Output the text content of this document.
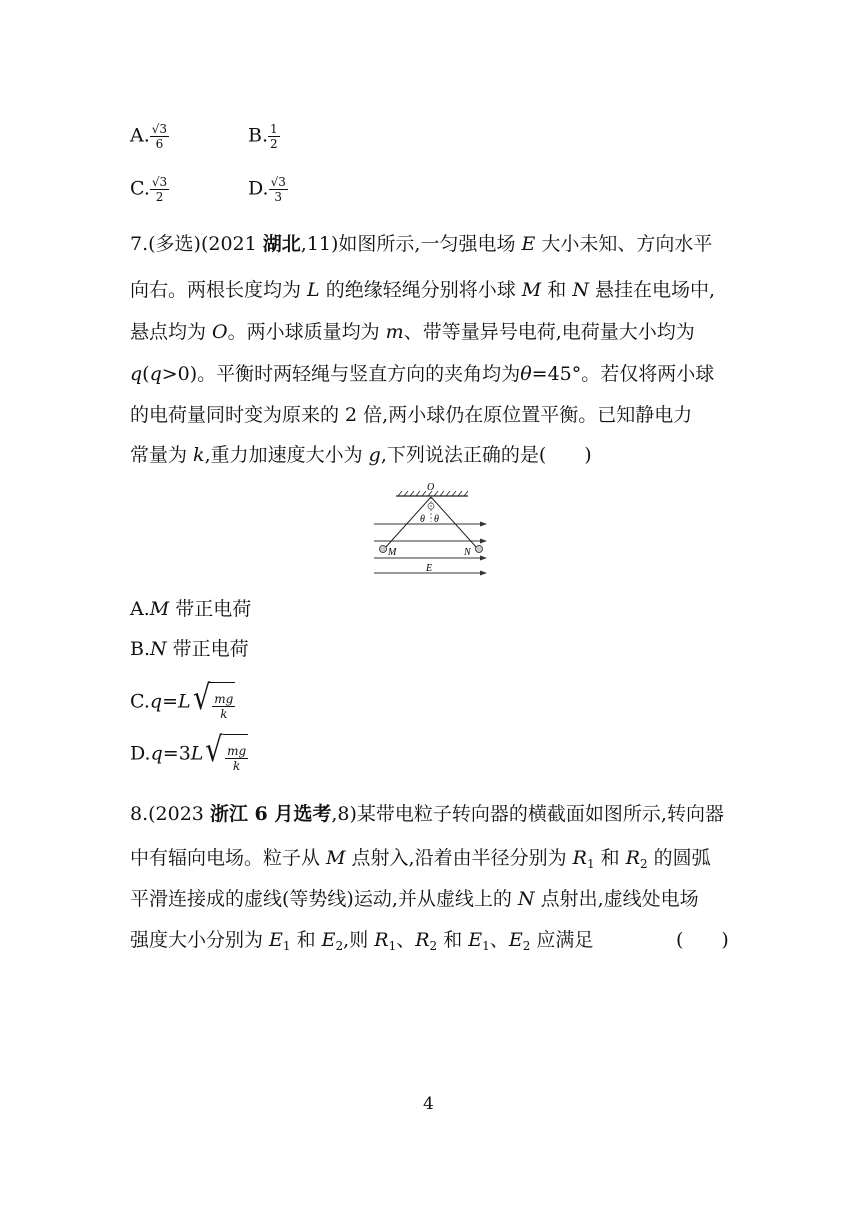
A. $\frac{√3}{6}$	B. $\frac{1}{2}$
C. $\frac{√3}{2}$	D. $\frac{√3}{3}$
7.(多选)(2021 湖北,11)如图所示,一匀强电场 E 大小未知、方向水平
向右。两根长度均为 L 的绝缘轻绳分别将小球 M 和 N 悬挂在电场中,
悬点均为 O。两小球质量均为 m、带等量异号电荷,电荷量大小均为
q(q>0)。平衡时两轻绳与竖直方向的夹角均为θ=45°。若仅将两小球
的电荷量同时变为原来的 2 倍,两小球仍在原位置平衡。已知静电力
常量为 k,重力加速度大小为 g,下列说法正确的是(　　)
O
θ θ
M	N
E
A.M 带正电荷
B.N 带正电荷
C.q=L √ $\frac{mg}{k}$
D.q=3L √ $\frac{mg}{k}$
8.(2023 浙江 6 月选考,8)某带电粒子转向器的横截面如图所示,转向器
中有辐向电场。粒子从 M 点射入,沿着由半径分别为 $R_1$ 和 $R_2$ 的圆弧
平滑连接成的虚线(等势线)运动,并从虚线上的 N 点射出,虚线处电场
强度大小分别为 $E_1$ 和 $E_2$,则 $R_1$、$R_2$ 和 $E_1$、$E_2$ 应满足	(　　)
4
